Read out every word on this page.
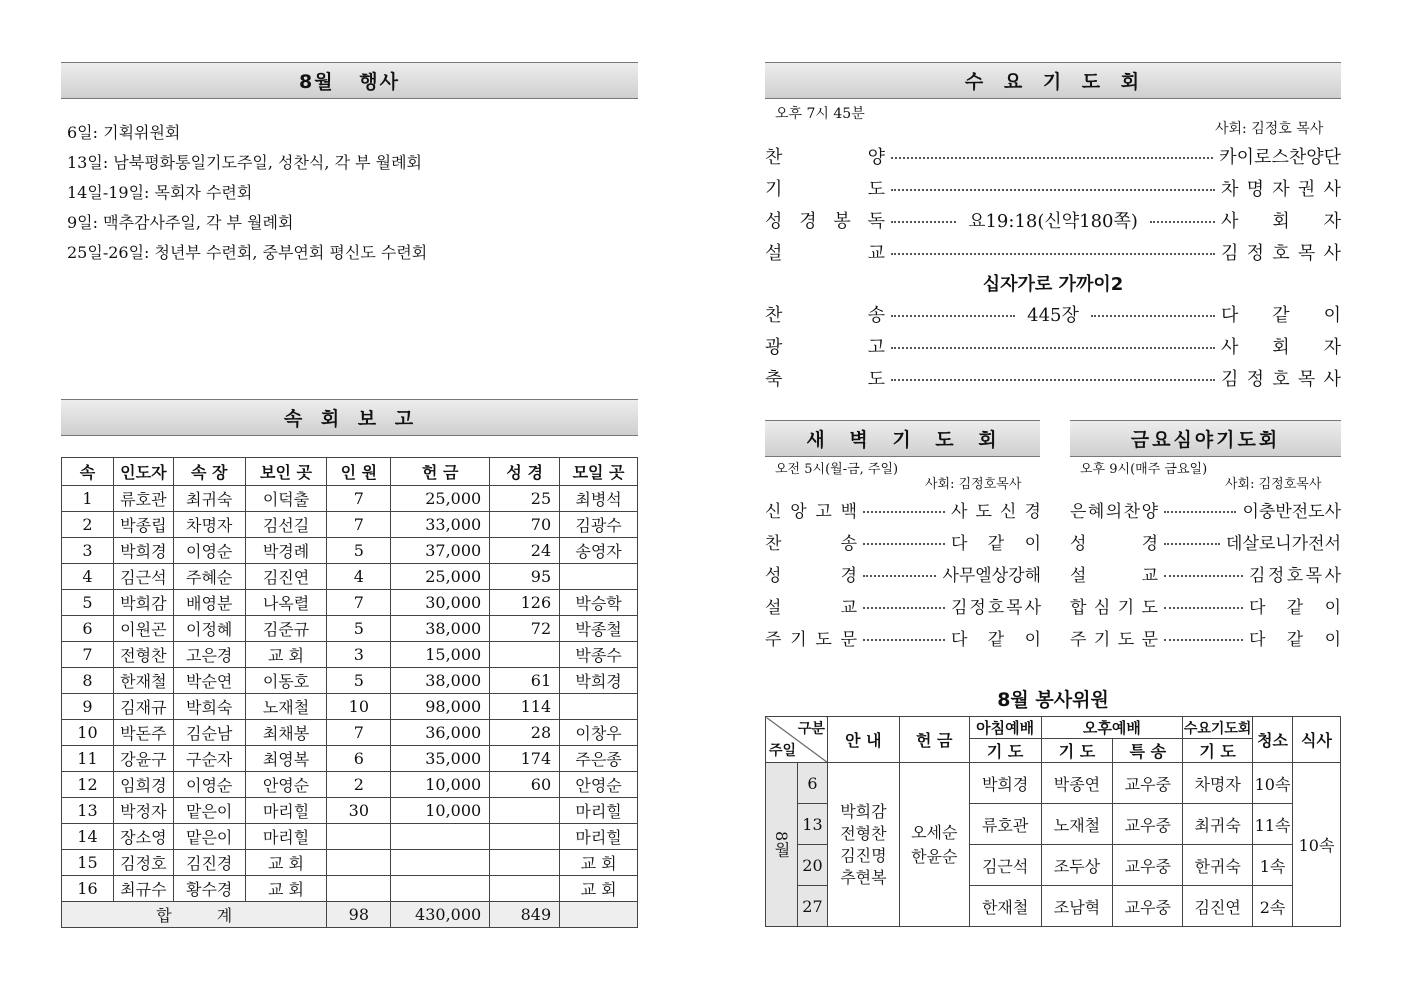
8월 행사
6일: 기획위원회
13일: 남북평화통일기도주일, 성찬식, 각 부 월례회
14일-19일: 목회자 수련회
9일: 맥추감사주일, 각 부 월례회
25일-26일: 청년부 수련회, 중부연회 평신도 수련회
속 회 보 고
속	인도자	속 장	보인 곳	인 원	헌 금	성 경	모일 곳
1	류호관	최귀숙	이덕출	7	25,000	25	최병석
2	박종립	차명자	김선길	7	33,000	70	김광수
3	박희경	이영순	박경례	5	37,000	24	송영자
4	김근석	주혜순	김진연	4	25,000	95	
5	박희감	배영분	나옥렬	7	30,000	126	박승학
6	이원곤	이정혜	김준규	5	38,000	72	박종철
7	전형찬	고은경	교 회	3	15,000		박종수
8	한재철	박순연	이동호	5	38,000	61	박희경
9	김재규	박희숙	노재철	10	98,000	114	
10	박돈주	김순남	최채봉	7	36,000	28	이창우
11	강윤구	구순자	최영복	6	35,000	174	주은종
12	임희경	이영순	안영순	2	10,000	60	안영순
13	박정자	맡은이	마리힐	30	10,000		마리힐
14	장소영	맡은이	마리힐				마리힐
15	김정호	김진경	교 회				교 회
16	최규수	황수경	교 회				교 회
합 계				98	430,000	849	
수 요 기 도 회
오후 7시 45분
사회: 김정호 목사
찬	양	카이로스찬양단
기	도	차 명 자 권 사
성 경 봉 독	요19:18(신약180쪽)	사 회 자
설	교	김 정 호 목 사
찬	송	445장	다 같 이
광	고	사 회 자
축	도	김 정 호 목 사
십자가로 가까이2
새 벽 기 도 회
오전 5시(월-금, 주일)
사회: 김정호목사
신 앙 고 백	사 도 신 경
찬	송	다 같 이
성	경	사무엘상강해
설	교	김 정 호 목 사
주 기 도 문	다 같 이
금요심야기도회
오후 9시(매주 금요일)
사회: 김정호목사
은 혜 의 찬 양	이충반전도사
성	경	데살로니가전서
설	교	김 정 호 목 사
합 심 기 도	다 같 이
주 기 도 문	다 같 이
8월 봉사위원
구분
주일		안 내	헌 금	아침예배	오후예배		수요기도회	청소	식사
				기 도	기 도	특 송	기 도		
8월	6	박희감 전형찬 김진명 추현복	오세순 한윤순	박희경	박종연	교우중	차명자	10속	10속
	13			류호관	노재철	교우중	최귀숙	11속	
	20			김근석	조두상	교우중	한귀숙	1속	
	27			한재철	조남혁	교우중	김진연	2속	
